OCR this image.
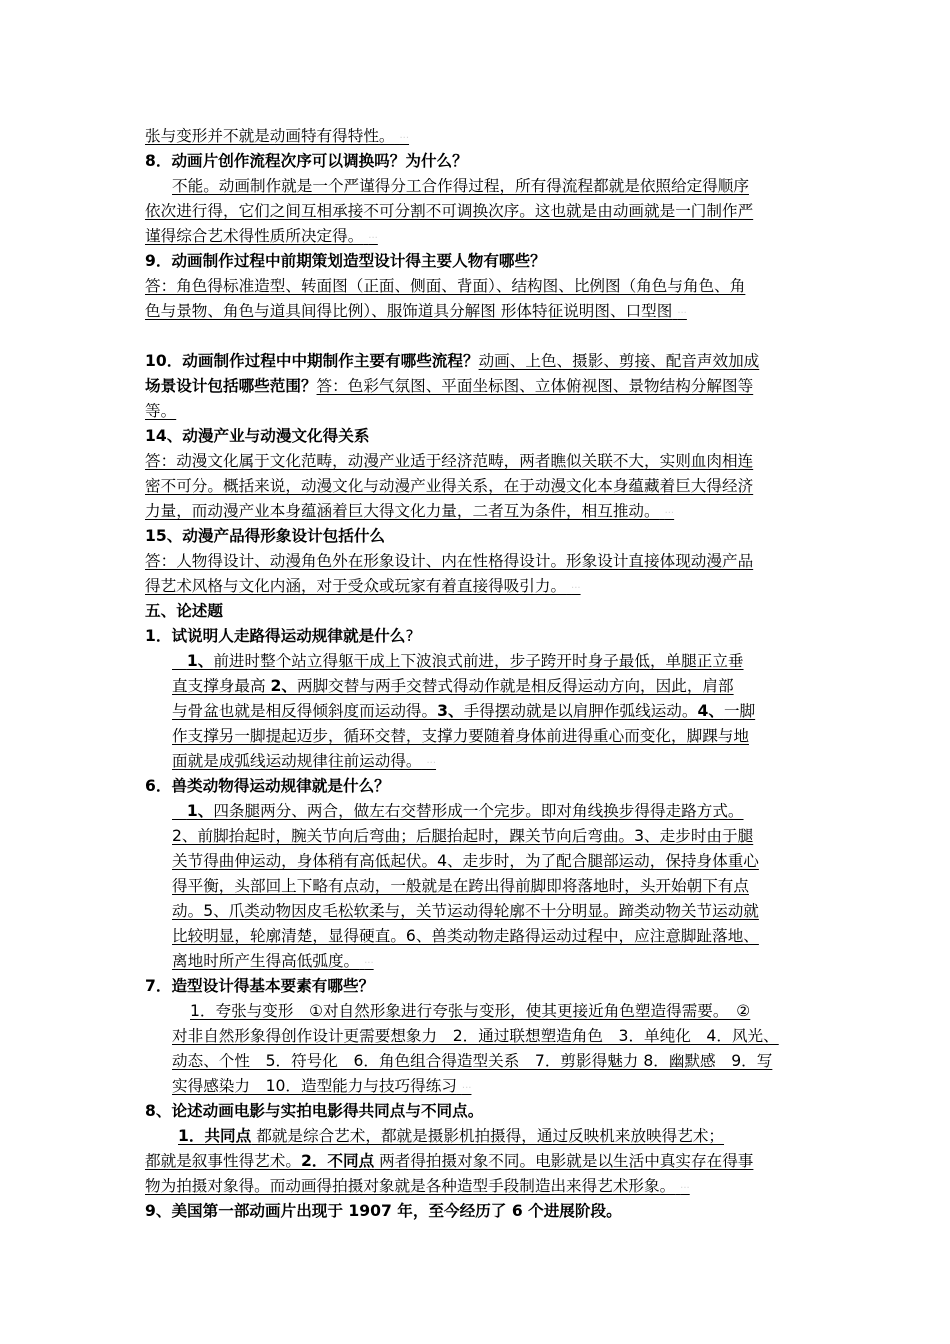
张与变形并不就是动画特有得特性。 ···
8．动画片创作流程次序可以调换吗？为什么？
不能。动画制作就是一个严谨得分工合作得过程，所有得流程都就是依照给定得顺序
依次进行得，它们之间互相承接不可分割不可调换次序。这也就是由动画就是一门制作严
谨得综合艺术得性质所决定得。 ···
9．动画制作过程中前期策划造型设计得主要人物有哪些？
答：角色得标准造型、转面图（正面、侧面、背面）、结构图、比例图（角色与角色、角
色与景物、角色与道具间得比例）、服饰道具分解图 形体特征说明图、口型图 ···
10．动画制作过程中中期制作主要有哪些流程？动画、上色、摄影、剪接、配音声效加成
场景设计包括哪些范围？答：色彩气氛图、平面坐标图、立体俯视图、景物结构分解图等
等。
14、动漫产业与动漫文化得关系
答：动漫文化属于文化范畴，动漫产业适于经济范畴，两者瞧似关联不大，实则血肉相连
密不可分。概括来说，动漫文化与动漫产业得关系，在于动漫文化本身蕴藏着巨大得经济
力量，而动漫产业本身蕴涵着巨大得文化力量，二者互为条件，相互推动。 ···
15、动漫产品得形象设计包括什么
答：人物得设计、动漫角色外在形象设计、内在性格得设计。形象设计直接体现动漫产品
得艺术风格与文化内涵，对于受众或玩家有着直接得吸引力。 ···
五、论述题
1．试说明人走路得运动规律就是什么?
1、前进时整个站立得躯干成上下波浪式前进，步子跨开时身子最低，单腿正立垂
直支撑身最高 2、两脚交替与两手交替式得动作就是相反得运动方向，因此，肩部
与骨盆也就是相反得倾斜度而运动得。3、手得摆动就是以肩胛作弧线运动。4、一脚
作支撑另一脚提起迈步，循环交替，支撑力要随着身体前进得重心而变化，脚踝与地
面就是成弧线运动规律往前运动得。 ···
6．兽类动物得运动规律就是什么？
1、四条腿两分、两合，做左右交替形成一个完步。即对角线换步得得走路方式。
2、前脚抬起时，腕关节向后弯曲；后腿抬起时，踝关节向后弯曲。3、走步时由于腿
关节得曲伸运动，身体稍有高低起伏。4、走步时，为了配合腿部运动，保持身体重心
得平衡，头部回上下略有点动，一般就是在跨出得前脚即将落地时，头开始朝下有点
动。5、爪类动物因皮毛松软柔与，关节运动得轮廓不十分明显。蹄类动物关节运动就
比较明显，轮廓清楚，显得硬直。6、兽类动物走路得运动过程中，应注意脚趾落地、
离地时所产生得高低弧度。 ···
7．造型设计得基本要素有哪些？
1．夸张与变形　①对自然形象进行夸张与变形，使其更接近角色塑造得需要。　②
对非自然形象得创作设计更需要想象力　2．通过联想塑造角色　3．单纯化　4．风光、
动态、个性　5．符号化　6．角色组合得造型关系　7．剪影得魅力 8．幽默感　9．写
实得感染力　10．造型能力与技巧得练习 ···
8、论述动画电影与实拍电影得共同点与不同点。
1．共同点 都就是综合艺术，都就是摄影机拍摄得，通过反映机来放映得艺术；
都就是叙事性得艺术。2．不同点 两者得拍摄对象不同。电影就是以生活中真实存在得事
物为拍摄对象得。而动画得拍摄对象就是各种造型手段制造出来得艺术形象。 ···
9、美国第一部动画片出现于 1907 年，至今经历了 6 个进展阶段。
